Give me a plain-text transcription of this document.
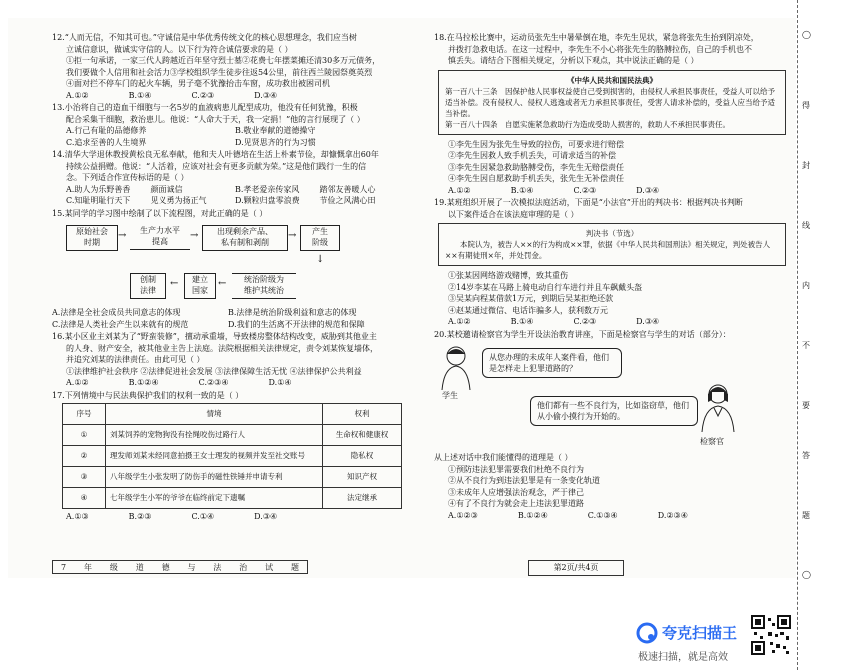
12.“人而无信，不知其可也。”守诚信是中华优秀传统文化的核心思想理念，我们应当树
立诚信意识，做诚实守信的人。以下行为符合诚信要求的是（ ）
①拒一句承诺，一家三代人跨越近百年坚守烈士墓②花费七年摆菜摊还清30多万元债务，
我们要做个人信用和社会活力③学校组织学生徒步往返54公里，前往西兰陵园祭奠英烈
④面对拦不停车门的起火车辆，男子毫不犹豫抬击车窗，成功救出被困司机
A.①②	B.①④	C.②③	D.③④
13.小治将自己的造血干细胞与一名5岁的血液病患儿配型成功，他没有任何犹豫，积极
配合采集干细胞，救治患儿。他说：“人命大于天，我一定捐！”他的言行展现了（ ）
A.行己有耻的品德修养	B.敬业奉献的道德操守
C.追求至善的人生境界	D.见贤思齐的行为习惯
14.清华大学退休教授黄松良无私奉献，他和夫人叶德培在生活上朴素节俭，却慷慨拿出60年
持续公益捐赠。他说：“人活着，应该对社会有更多贡献为荣。”这是他们践行一生的信
念。下列适合作宣传标语的是（ ）
A.助人为乐野善香	颜面诚信	B.孝老爱亲传家风	踏邻友善暖人心
C.知耻明耻行天下	见义勇为扬正气	D.颗粒归盘零浪费	节俭之风满心田
15.某同学的学习图中绘制了以下流程图，对此正确的是（ ）
原始社会
时期
→	生产力水平
提高
→	出现剩余产品、
私有制和剥削
→	产生
阶级
↓
创制
法律
←	建立
国家
←	统治阶级为
维护其统治
A.法律是全社会成员共同意志的体现	B.法律是统治阶级利益和意志的体现
C.法律是人类社会产生以来就有的规范	D.我们的生活离不开法律的规范和保障
16.某小区业主刘某为了“野蛮装修”，擅动承重墙，导致楼房整体结构改变，威胁到其他业主
的人身、财产安全，被其他业主告上法庭。法院根据相关法律规定，责令刘某恢复墙体，
并追究刘某的法律责任。由此可见（ ）
①法律维护社会秩序 ②法律促进社会发展 ③法律保障生活无忧 ④法律保护公共利益
A.①②	B.①②④	C.②③④	D.①④
17.下列情境中与民法典保护我们的权利一致的是（ ）
序号	情境	权利
①	刘某饲养的宠物狗没有拴绳咬伤过路行人	生命权和健康权
②	理发师刘某未经同意拍摄王女士理发的视频并发至社交账号	隐私权
③	八年级学生小张发明了防伤手的磁性铁锤并申请专利	知识产权
④	七年级学生小军的爷爷在临终前定下遗嘱	法定继承
A.①③	B.②③	C.①④	D.③④
7 年 级 道 德 与 法 治 试 题
18.在马拉松比赛中，运动员张先生中暑晕倒在地，李先生见状，紧急将张先生抬到阴凉处，
并拨打急救电话。在这一过程中，李先生不小心将张先生的胳膊拉伤，自己的手机也不
慎丢失。请结合下图相关规定，分析以下观点，其中说法正确的是（ ）
《中华人民共和国民法典》
第一百八十三条　因保护他人民事权益使自己受到损害的，由侵权人承担民事责任，受益人可以给予适当补偿。没有侵权人、侵权人逃逸或者无力承担民事责任，受害人请求补偿的，受益人应当给予适当补偿。
第一百八十四条　自愿实施紧急救助行为造成受助人损害的，救助人不承担民事责任。
①李先生因为张先生导致的拉伤，可要求进行赔偿
②李先生因救人致手机丢失，可请求适当的补偿
③李先生因紧急救助胳膊受伤，李先生无赔偿责任
④李先生因自愿救助手机丢失，张先生无补偿责任
A.①②	B.①④	C.②③	D.③④
19.某班组织开展了一次模拟法庭活动，下面是“小法官”开出的判决书：根据判决书判断
以下案件适合在该法庭审理的是（ ）
判决书（节选）
本院认为，被告人××的行为构成××罪，依据《中华人民共和国刑法》相关规定，判处被告人××有期徒刑×年，并处罚金。
①张某因网络游戏赌博，致其重伤
②14岁李某在马路上骑电动自行车进行并且车飙戴头盔
③吴某向程某借款1万元，到期后吴某拒绝还款
④赵某通过微信、电话诈骗多人，获利数万元
A.①②	B.①④	C.②③	D.③④
20.某校邀请检察官为学生开设法治教育讲座，下面是检察官与学生的对话（部分）：
学生
从您办理的未成年人案件看，他们是怎样走上犯罪道路的？
他们都有一些不良行为，比如盗窃草，他们从小偷小摸行为开始的。
检察官
从上述对话中我们能懂得的道理是（ ）
①预防违法犯罪需要我们杜绝不良行为
②从不良行为到违法犯罪是有一条变化轨道
③未成年人应增强法治观念，严于律己
④有了不良行为就会走上违法犯罪道路
A.①②③	B.①②④	C.①③④	D.②③④
第2页/共4页
◯
得
封
线
内
不
要
答
题
◯
夸克扫描王
极速扫描，就是高效
